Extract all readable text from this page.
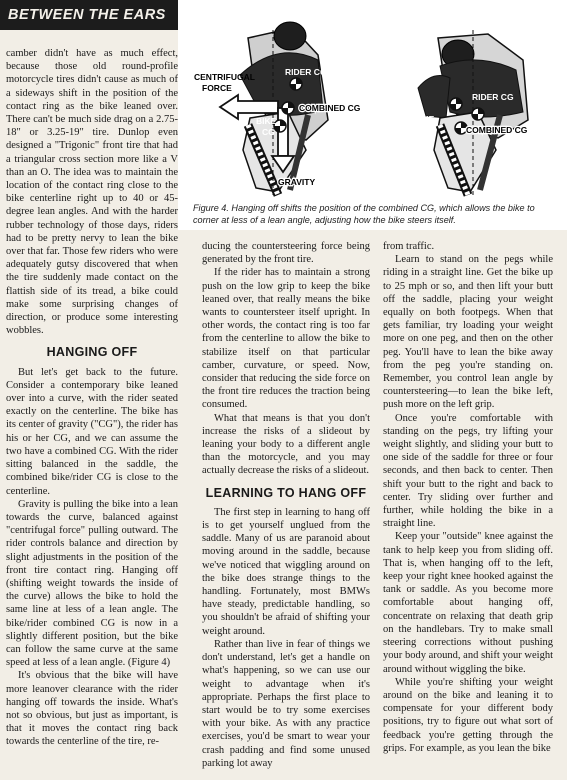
BETWEEN THE EARS
CENTRIFUGAL
FORCE
RIDER CG
COMBINED CG
BIKE
CG
GRAVITY
RIDER CG
BIKE
CG	COMBINED CG
Figure 4. Hanging off shifts the position of the combined CG, which allows the bike to corner at less of a lean angle, adjusting how the bike steers itself.

camber didn't have as much effect, because those old round-profile motorcycle tires didn't cause as much of a sideways shift in the position of the contact ring as the bike leaned over. There can't be much side drag on a 2.75-18" or 3.25-19" tire. Dunlop even designed a "Trigonic" front tire that had a triangular cross section more like a V than an O. The idea was to maintain the location of the contact ring close to the bike centerline right up to 40 or 45-degree lean angles. And with the harder rubber technology of those days, riders had to be pretty nervy to lean the bike over that far. Those few riders who were adequately gutsy discovered that when the tire suddenly made contact on the flattish side of its tread, a bike could make some surprising changes of direction, or produce some interesting wobbles.

HANGING OFF

But let's get back to the future. Consider a contemporary bike leaned over into a curve, with the rider seated exactly on the centerline. The bike has its center of gravity ("CG"), the rider has his or her CG, and we can assume the two have a combined CG. With the rider sitting balanced in the saddle, the combined bike/rider CG is close to the centerline.

Gravity is pulling the bike into a lean towards the curve, balanced against "centrifugal force" pulling outward. The rider controls balance and direction by slight adjustments in the position of the front tire contact ring. Hanging off (shifting weight towards the inside of the curve) allows the bike to hold the same line at less of a lean angle. The bike/rider combined CG is now in a slightly different position, but the bike can follow the same curve at the same speed at less of a lean angle. (Figure 4)

It's obvious that the bike will have more leanover clearance with the rider hanging off towards the inside. What's not so obvious, but just as important, is that it moves the contact ring back towards the centerline of the tire, re-

ducing the countersteering force being generated by the front tire.

If the rider has to maintain a strong push on the low grip to keep the bike leaned over, that really means the bike wants to countersteer itself upright. In other words, the contact ring is too far from the centerline to allow the bike to stabilize itself on that particular camber, curvature, or speed. Now, consider that reducing the side force on the front tire reduces the traction being consumed.

What that means is that you don't increase the risks of a slideout by leaning your body to a different angle than the motorcycle, and you may actually decrease the risks of a slideout.

LEARNING TO HANG OFF

The first step in learning to hang off is to get yourself unglued from the saddle. Many of us are paranoid about moving around in the saddle, because we've noticed that wiggling around on the bike does strange things to the handling. Fortunately, most BMWs have steady, predictable handling, so you shouldn't be afraid of shifting your weight around.

Rather than live in fear of things we don't understand, let's get a handle on what's happening, so we can use our weight to advantage when it's appropriate. Perhaps the first place to start would be to try some exercises with your bike. As with any practice exercises, you'd be smart to wear your crash padding and find some unused parking lot away

from traffic.

Learn to stand on the pegs while riding in a straight line. Get the bike up to 25 mph or so, and then lift your butt off the saddle, placing your weight equally on both footpegs. When that gets familiar, try loading your weight more on one peg, and then on the other peg. You'll have to lean the bike away from the peg you're standing on. Remember, you control lean angle by countersteering—to lean the bike left, push more on the left grip.

Once you're comfortable with standing on the pegs, try lifting your weight slightly, and sliding your butt to one side of the saddle for three or four seconds, and then back to center. Then shift your butt to the right and back to center. Try sliding over further and further, while holding the bike in a straight line.

Keep your "outside" knee against the tank to help keep you from sliding off. That is, when hanging off to the left, keep your right knee hooked against the tank or saddle. As you become more comfortable about hanging off, concentrate on relaxing that death grip on the handlebars. Try to make small steering corrections without pushing your body around, and shift your weight around without wiggling the bike.

While you're shifting your weight around on the bike and leaning it to compensate for your different body positions, try to figure out what sort of feedback you're getting through the grips. For example, as you lean the bike
